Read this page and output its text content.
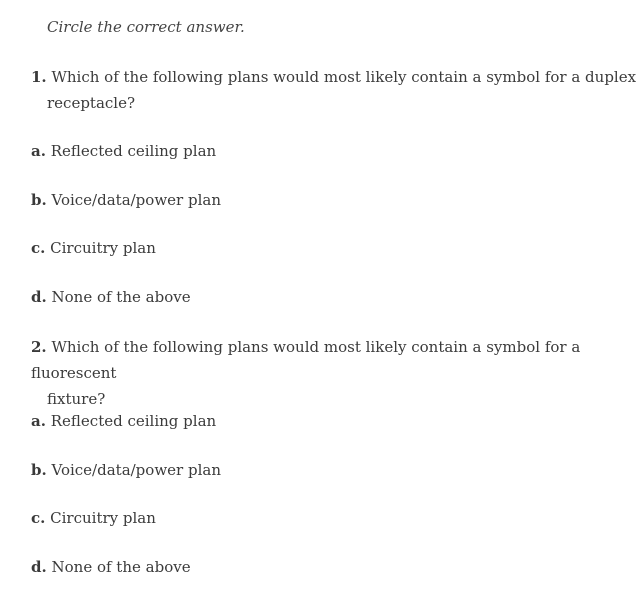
Circle the correct answer.
1. Which of the following plans would most likely contain a symbol for a duplex
receptacle?
a. Reflected ceiling plan
b. Voice/data/power plan
c. Circuitry plan
d. None of the above
2. Which of the following plans would most likely contain a symbol for a fluorescent
fixture?
a. Reflected ceiling plan
b. Voice/data/power plan
c. Circuitry plan
d. None of the above
